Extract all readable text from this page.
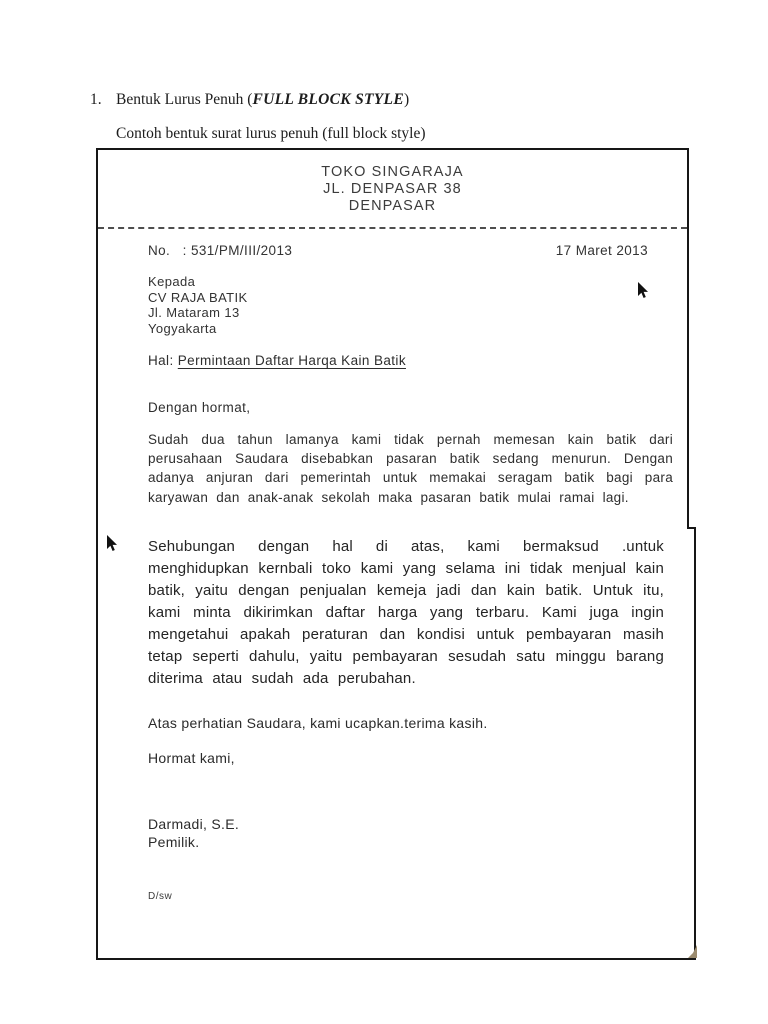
1. Bentuk Lurus Penuh (FULL BLOCK STYLE)
Contoh bentuk surat lurus penuh (full block style)
TOKO SINGARAJA
JL. DENPASAR 38
DENPASAR
No.   : 531/PM/III/2013	17 Maret 2013
Kepada
CV RAJA BATIK
Jl. Mataram 13
Yogyakarta
Hal: Permintaan Daftar Harqa Kain Batik
Dengan hormat,
Sudah dua tahun lamanya kami tidak pernah memesan kain batik dari perusahaan Saudara disebabkan pasaran batik sedang menurun. Dengan adanya anjuran dari pemerintah untuk memakai seragam batik bagi para karyawan dan anak-anak sekolah maka pasaran batik mulai ramai lagi.
Sehubungan dengan hal di atas, kami bermaksud .untuk menghidupkan kernbali toko kami yang selama ini tidak menjual kain batik, yaitu dengan penjualan kemeja jadi dan kain batik. Untuk itu, kami minta dikirimkan daftar harga yang terbaru. Kami juga ingin mengetahui apakah peraturan dan kondisi untuk pembayaran masih tetap seperti dahulu, yaitu pembayaran sesudah satu minggu barang diterima atau sudah ada perubahan.
Atas perhatian Saudara, kami ucapkan.terima kasih.
Hormat kami,
Darmadi, S.E.
Pemilik.
D/sw
